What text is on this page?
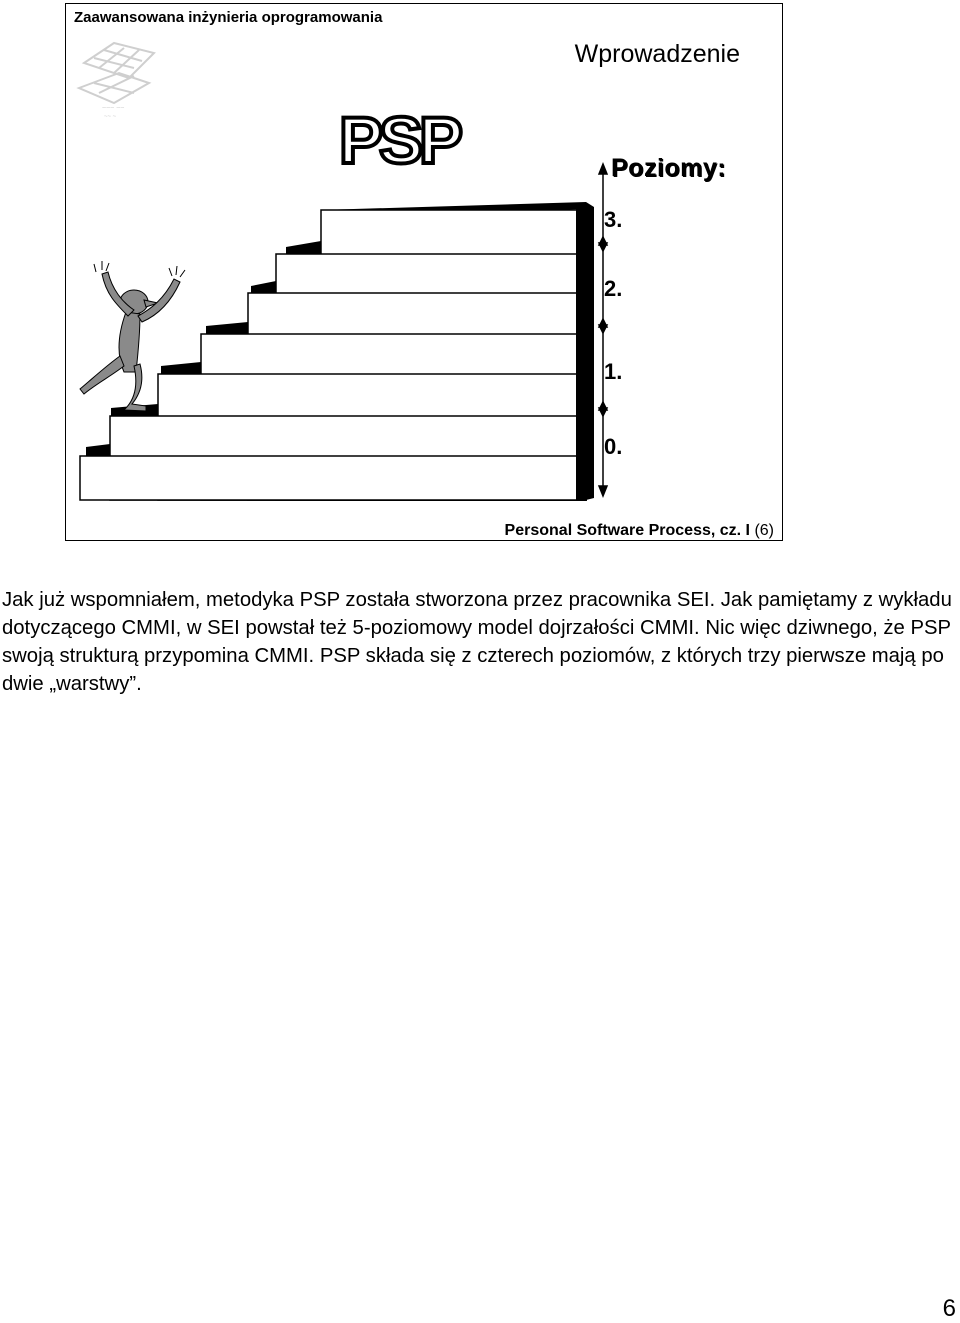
Zaawansowana inżynieria oprogramowania
Wprowadzenie
~~~ ~~
~~ ~	PSP	Poziomy:
3.
2.
1.
0.
Personal Software Process, cz. I (6)

Jak już wspomniałem, metodyka PSP została stworzona przez pracownika SEI. Jak pamiętamy z wykładu dotyczącego CMMI, w SEI powstał też 5-poziomowy model dojrzałości CMMI. Nic więc dziwnego, że PSP swoją strukturą przypomina CMMI. PSP składa się z czterech poziomów, z których trzy pierwsze mają po dwie „warstwy”.

6
